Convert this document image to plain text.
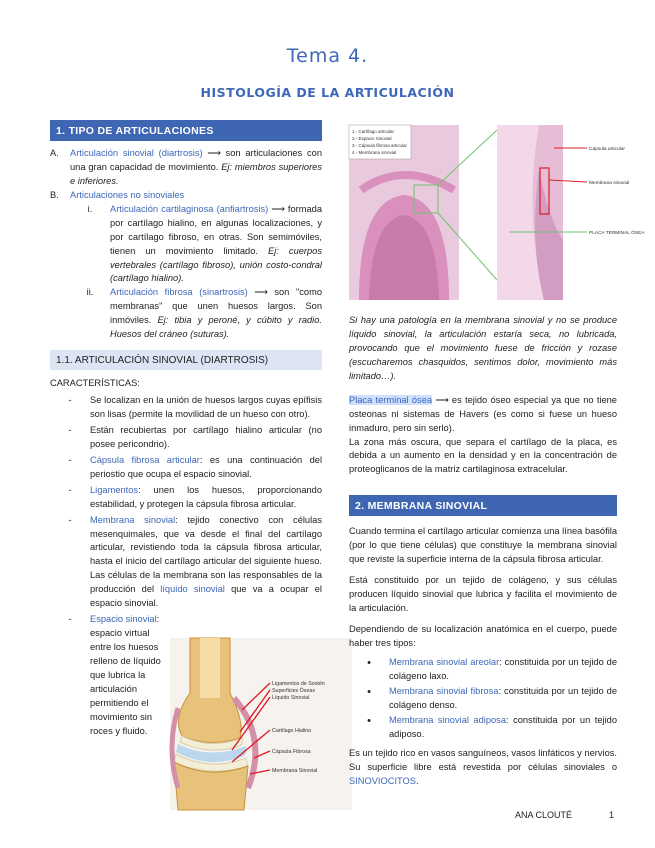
Tema 4.
HISTOLOGÍA DE LA ARTICULACIÓN
1. TIPO DE ARTICULACIONES
A.	Articulación sinovial (diartrosis) ⟶ son articulaciones con una gran capacidad de movimiento. Ej: miembros superiores e inferiores.
B.	Articulaciones no sinoviales
i.	Articulación cartilaginosa (anfiartrosis) ⟶ formada por cartílago hialino, en algunas localizaciones, y por cartílago fibroso, en otras. Son semimóviles, tienen un movimiento limitado. Ej: cuerpos vertebrales (cartílago fibroso), unión costo-condral (cartílago hialino).
ii.	Articulación fibrosa (sinartrosis) ⟶ son "como membranas" que unen huesos largos. Son inmóviles. Ej: tibia y peroné, y cúbito y radio. Huesos del cráneo (suturas).
1.1. ARTICULACIÓN SINOVIAL (DIARTROSIS)
CARACTERÍSTICAS:
-	Se localizan en la unión de huesos largos cuyas epífisis son lisas (permite la movilidad de un hueso con otro).
-	Están recubiertas por cartílago hialino articular (no posee pericondrio).
-	Cápsula fibrosa articular: es una continuación del periostio que ocupa el espacio sinovial.
-	Ligamentos: unen los huesos, proporcionando estabilidad, y protegen la cápsula fibrosa articular.
-	Membrana sinovial: tejido conectivo con células mesenquimales, que va desde el final del cartílago articular, revistiendo toda la cápsula fibrosa articular, hasta el inicio del cartílago articular del siguiente hueso. Las células de la membrana son las responsables de la producción del líquido sinovial que va a ocupar el espacio sinovial.
-	Espacio sinovial: espacio virtual entre los huesos relleno de líquido que lubrica la articulación permitiendo el movimiento sin roces y fluido.
Ligamentos de Sostén
Superficies Óseas
Líquido Sinovial
Cartílago Hialino
Cápsula Fibrosa
Membrana Sinovial
1.- Cartílago articular
2.- Espacio Sinovial
3.- Cápsula fibrosa articular
4.- Membrana sinovial
Cápsula articular
Membrana sinovial
PLACA TERMINAL ÓSEA

Si hay una patología en la membrana sinovial y no se produce líquido sinovial, la articulación estaría seca, no lubricada, provocando que el movimiento fuese de fricción y rozase (escucharemos chasquidos, sentimos dolor, movimiento más limitado…).

Placa terminal ósea ⟶ es tejido óseo especial ya que no tiene osteonas ni sistemas de Havers (es como si fuese un hueso inmaduro, pero sin serlo).

La zona más oscura, que separa el cartílago de la placa, es debida a un aumento en la densidad y en la concentración de proteoglicanos de la matriz cartilaginosa extracelular.

2. MEMBRANA SINOVIAL

Cuando termina el cartílago articular comienza una línea basófila (por lo que tiene células) que constituye la membrana sinovial que reviste la superficie interna de la cápsula fibrosa articular.

Está constituido por un tejido de colágeno, y sus células producen líquido sinovial que lubrica y facilita el movimiento de la articulación.

Dependiendo de su localización anatómica en el cuerpo, puede haber tres tipos:

•	Membrana sinovial areolar: constituida por un tejido de colágeno laxo.
•	Membrana sinovial fibrosa: constituida por un tejido de colágeno denso.
•	Membrana sinovial adiposa: constituida por un tejido adiposo.

Es un tejido rico en vasos sanguíneos, vasos linfáticos y nervios. Su superficie libre está revestida por células sinoviales o SINOVIOCITOS.

ANA CLOUTÉ	1
